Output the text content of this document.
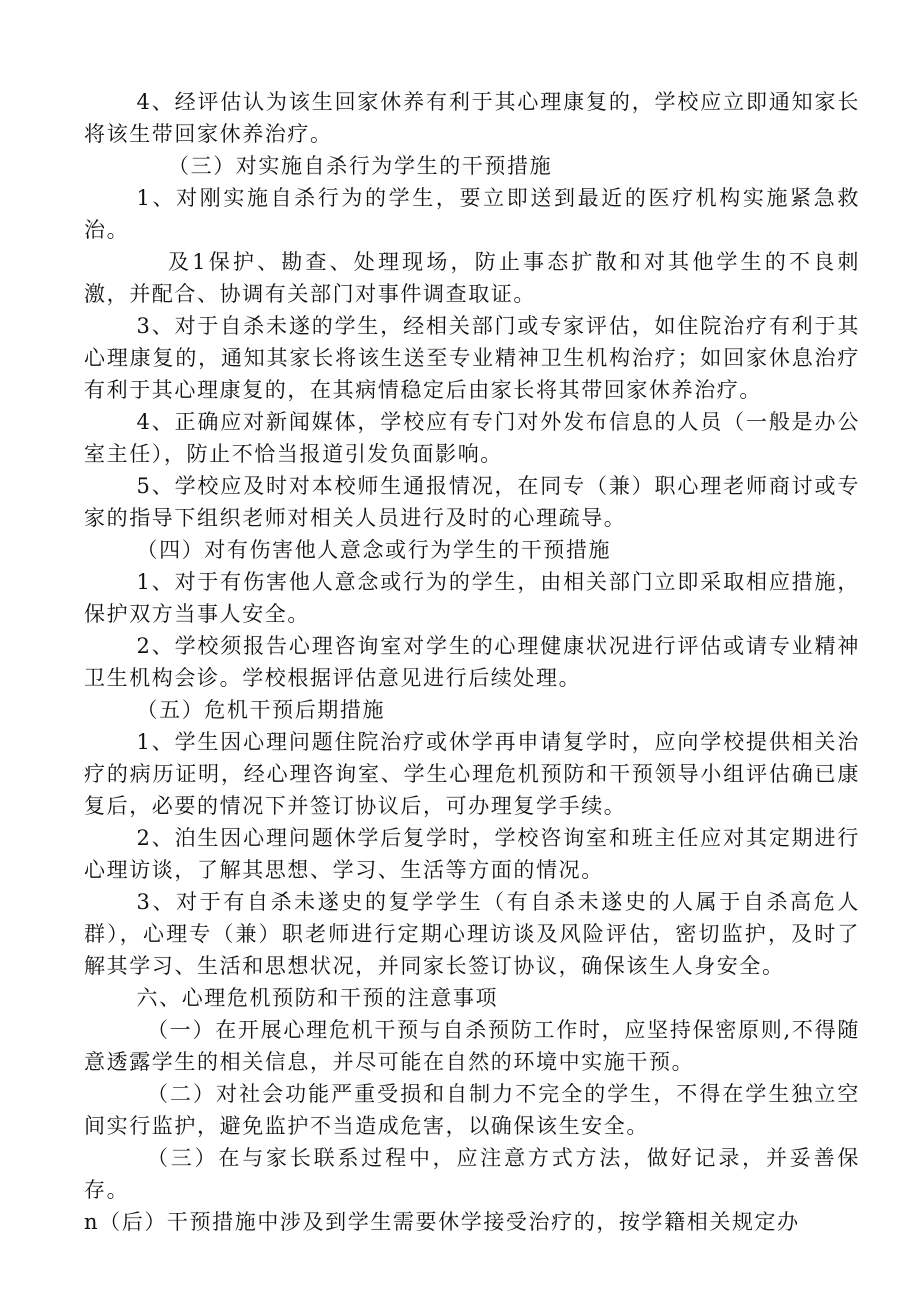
4、经评估认为该生回家休养有利于其心理康复的，学校应立即通知家长将该生带回家休养治疗。

（三）对实施自杀行为学生的干预措施

1、对刚实施自杀行为的学生，要立即送到最近的医疗机构实施紧急救治。

及1保护、勘查、处理现场，防止事态扩散和对其他学生的不良刺激，并配合、协调有关部门对事件调查取证。

3、对于自杀未遂的学生，经相关部门或专家评估，如住院治疗有利于其心理康复的，通知其家长将该生送至专业精神卫生机构治疗；如回家休息治疗有利于其心理康复的，在其病情稳定后由家长将其带回家休养治疗。

4、正确应对新闻媒体，学校应有专门对外发布信息的人员（一般是办公室主任），防止不恰当报道引发负面影响。

5、学校应及时对本校师生通报情况，在同专（兼）职心理老师商讨或专家的指导下组织老师对相关人员进行及时的心理疏导。

（四）对有伤害他人意念或行为学生的干预措施

1、对于有伤害他人意念或行为的学生，由相关部门立即采取相应措施，保护双方当事人安全。

2、学校须报告心理咨询室对学生的心理健康状况进行评估或请专业精神卫生机构会诊。学校根据评估意见进行后续处理。

（五）危机干预后期措施

1、学生因心理问题住院治疗或休学再申请复学时，应向学校提供相关治疗的病历证明，经心理咨询室、学生心理危机预防和干预领导小组评估确已康复后，必要的情况下并签订协议后，可办理复学手续。

2、泊生因心理问题休学后复学时，学校咨询室和班主任应对其定期进行心理访谈，了解其思想、学习、生活等方面的情况。

3、对于有自杀未遂史的复学学生（有自杀未遂史的人属于自杀高危人群），心理专（兼）职老师进行定期心理访谈及风险评估，密切监护，及时了解其学习、生活和思想状况，并同家长签订协议，确保该生人身安全。

六、心理危机预防和干预的注意事项

（一）在开展心理危机干预与自杀预防工作时，应坚持保密原则,不得随意透露学生的相关信息，并尽可能在自然的环境中实施干预。

（二）对社会功能严重受损和自制力不完全的学生，不得在学生独立空间实行监护，避免监护不当造成危害，以确保该生安全。

（三）在与家长联系过程中，应注意方式方法，做好记录，并妥善保存。

n（后）干预措施中涉及到学生需要休学接受治疗的，按学籍相关规定办
